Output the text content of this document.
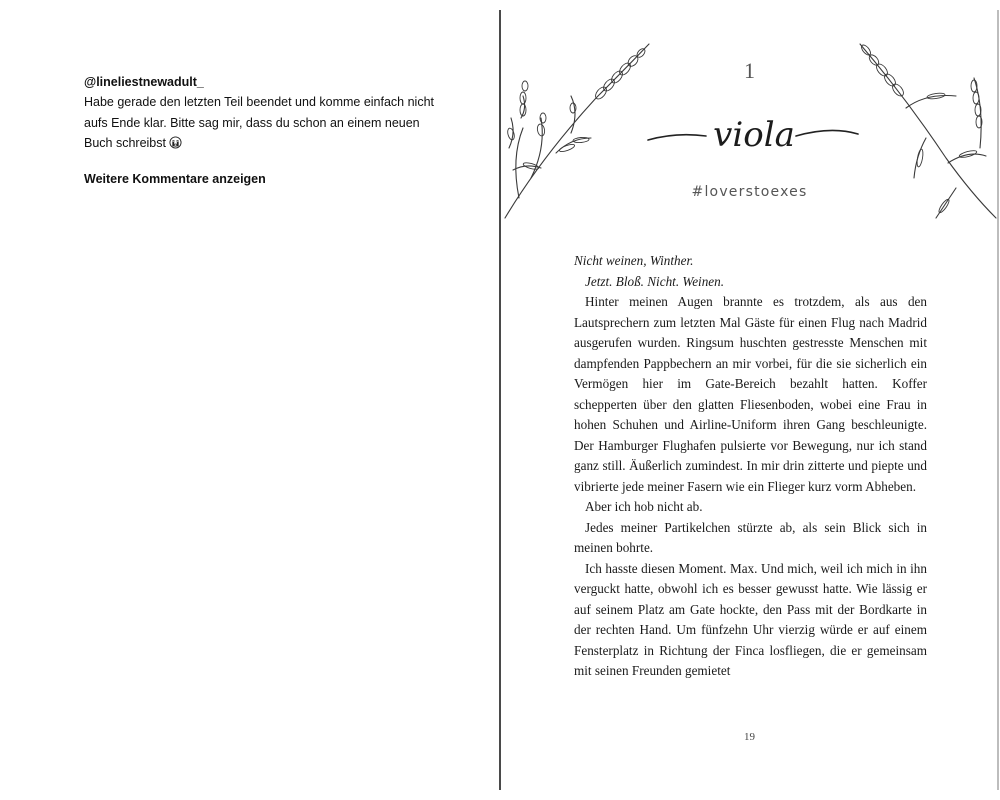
@lineliestnewadult_
Habe gerade den letzten Teil beendet und komme einfach nicht aufs Ende klar. Bitte sag mir, dass du schon an einem neuen Buch schreibst
Weitere Kommentare anzeigen
1
viola
#loverstoexes

Nicht weinen, Winther.

Jetzt. Bloß. Nicht. Weinen.

Hinter meinen Augen brannte es trotzdem, als aus den Lautsprechern zum letzten Mal Gäste für einen Flug nach Madrid ausgerufen wurden. Ringsum huschten gestresste Menschen mit dampfenden Pappbechern an mir vorbei, für die sie sicherlich ein Vermögen hier im Gate-Bereich bezahlt hatten. Koffer schepperten über den glatten Fliesenboden, wobei eine Frau in hohen Schuhen und Airline-Uniform ihren Gang beschleunigte. Der Hamburger Flughafen pulsierte vor Bewegung, nur ich stand ganz still. Äußerlich zumindest. In mir drin zitterte und piepte und vibrierte jede meiner Fasern wie ein Flieger kurz vorm Abheben.

Aber ich hob nicht ab.

Jedes meiner Partikelchen stürzte ab, als sein Blick sich in meinen bohrte.

Ich hasste diesen Moment. Max. Und mich, weil ich mich in ihn verguckt hatte, obwohl ich es besser gewusst hatte. Wie lässig er auf seinem Platz am Gate hockte, den Pass mit der Bordkarte in der rechten Hand. Um fünfzehn Uhr vierzig würde er auf einem Fensterplatz in Richtung der Finca losfliegen, die er gemeinsam mit seinen Freunden gemietet

19
